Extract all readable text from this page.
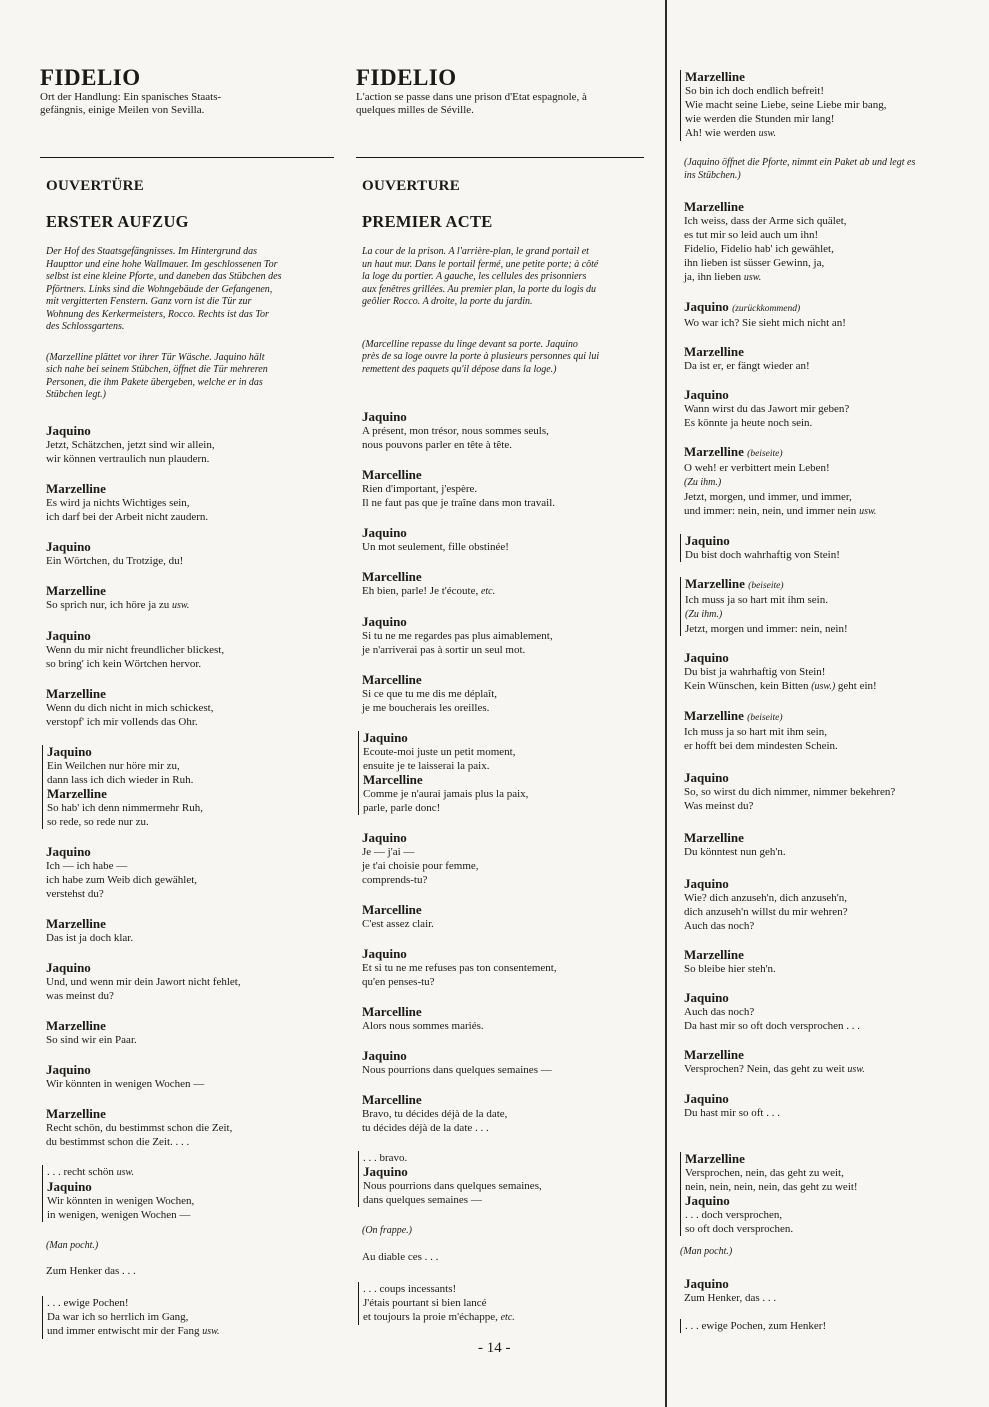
FIDELIO
Ort der Handlung: Ein spanisches Staats-
gefängnis, einige Meilen von Sevilla.
OUVERTÜRE
ERSTER AUFZUG
Der Hof des Staatsgefängnisses. Im Hintergrund das
Haupttor und eine hohe Wallmauer. Im geschlossenen Tor
selbst ist eine kleine Pforte, und daneben das Stübchen des
Pförtners. Links sind die Wohngebäude der Gefangenen,
mit vergitterten Fenstern. Ganz vorn ist die Tür zur
Wohnung des Kerkermeisters, Rocco. Rechts ist das Tor
des Schlossgartens.
(Marzelline plättet vor ihrer Tür Wäsche. Jaquino hält
sich nahe bei seinem Stübchen, öffnet die Tür mehreren
Personen, die ihm Pakete übergeben, welche er in das
Stübchen legt.)
Jaquino
Jetzt, Schätzchen, jetzt sind wir allein,
wir können vertraulich nun plaudern.
Marzelline
Es wird ja nichts Wichtiges sein,
ich darf bei der Arbeit nicht zaudern.
Jaquino
Ein Wörtchen, du Trotzige, du!
Marzelline
So sprich nur, ich höre ja zu usw.
Jaquino
Wenn du mir nicht freundlicher blickest,
so bring' ich kein Wörtchen hervor.
Marzelline
Wenn du dich nicht in mich schickest,
verstopf' ich mir vollends das Ohr.
Jaquino
Ein Weilchen nur höre mir zu,
dann lass ich dich wieder in Ruh.
Marzelline
So hab' ich denn nimmermehr Ruh,
so rede, so rede nur zu.
Jaquino
Ich — ich habe —
ich habe zum Weib dich gewählet,
verstehst du?
Marzelline
Das ist ja doch klar.
Jaquino
Und, und wenn mir dein Jawort nicht fehlet,
was meinst du?
Marzelline
So sind wir ein Paar.
Jaquino
Wir könnten in wenigen Wochen —
Marzelline
Recht schön, du bestimmst schon die Zeit,
du bestimmst schon die Zeit. . . .
. . . recht schön usw.
Jaquino
Wir könnten in wenigen Wochen,
in wenigen, wenigen Wochen —
(Man pocht.)
Zum Henker das . . .
. . . ewige Pochen!
Da war ich so herrlich im Gang,
und immer entwischt mir der Fang usw.
FIDELIO
L'action se passe dans une prison d'Etat espagnole, à
quelques milles de Séville.
OUVERTURE
PREMIER ACTE
La cour de la prison. A l'arrière-plan, le grand portail et
un haut mur. Dans le portail fermé, une petite porte; à côté
la loge du portier. A gauche, les cellules des prisonniers
aux fenêtres grillées. Au premier plan, la porte du logis du
geôlier Rocco. A droite, la porte du jardin.
(Marcelline repasse du linge devant sa porte. Jaquino
près de sa loge ouvre la porte à plusieurs personnes qui lui
remettent des paquets qu'il dépose dans la loge.)
Jaquino
A présent, mon trésor, nous sommes seuls,
nous pouvons parler en tête à tête.
Marcelline
Rien d'important, j'espère.
Il ne faut pas que je traîne dans mon travail.
Jaquino
Un mot seulement, fille obstinée!
Marcelline
Eh bien, parle! Je t'écoute, etc.
Jaquino
Si tu ne me regardes pas plus aimablement,
je n'arriverai pas à sortir un seul mot.
Marcelline
Si ce que tu me dis me déplaît,
je me boucherais les oreilles.
Jaquino
Ecoute-moi juste un petit moment,
ensuite je te laisserai la paix.
Marcelline
Comme je n'aurai jamais plus la paix,
parle, parle donc!
Jaquino
Je — j'ai —
je t'ai choisie pour femme,
comprends-tu?
Marcelline
C'est assez clair.
Jaquino
Et si tu ne me refuses pas ton consentement,
qu'en penses-tu?
Marcelline
Alors nous sommes mariés.
Jaquino
Nous pourrions dans quelques semaines —
Marcelline
Bravo, tu décides déjà de la date,
tu décides déjà de la date . . .
. . . bravo.
Jaquino
Nous pourrions dans quelques semaines,
dans quelques semaines —
(On frappe.)
Au diable ces . . .
. . . coups incessants!
J'étais pourtant si bien lancé
et toujours la proie m'échappe, etc.
Marzelline
So bin ich doch endlich befreit!
Wie macht seine Liebe, seine Liebe mir bang,
wie werden die Stunden mir lang!
Ah! wie werden usw.
(Jaquino öffnet die Pforte, nimmt ein Paket ab und legt es
ins Stübchen.)
Marzelline
Ich weiss, dass der Arme sich quälet,
es tut mir so leid auch um ihn!
Fidelio, Fidelio hab' ich gewählet,
ihn lieben ist süsser Gewinn, ja,
ja, ihn lieben usw.
Jaquino (zurückkommend)
Wo war ich? Sie sieht mich nicht an!
Marzelline
Da ist er, er fängt wieder an!
Jaquino
Wann wirst du das Jawort mir geben?
Es könnte ja heute noch sein.
Marzelline (beiseite)
O weh! er verbittert mein Leben!
(Zu ihm.)
Jetzt, morgen, und immer, und immer,
und immer: nein, nein, und immer nein usw.
Jaquino
Du bist doch wahrhaftig von Stein!
Marzelline (beiseite)
Ich muss ja so hart mit ihm sein.
(Zu ihm.)
Jetzt, morgen und immer: nein, nein!
Jaquino
Du bist ja wahrhaftig von Stein!
Kein Wünschen, kein Bitten (usw.) geht ein!
Marzelline (beiseite)
Ich muss ja so hart mit ihm sein,
er hofft bei dem mindesten Schein.
Jaquino
So, so wirst du dich nimmer, nimmer bekehren?
Was meinst du?
Marzelline
Du könntest nun geh'n.
Jaquino
Wie? dich anzuseh'n, dich anzuseh'n,
dich anzuseh'n willst du mir wehren?
Auch das noch?
Marzelline
So bleibe hier steh'n.
Jaquino
Auch das noch?
Da hast mir so oft doch versprochen . . .
Marzelline
Versprochen? Nein, das geht zu weit usw.
Jaquino
Du hast mir so oft . . .
Marzelline
Versprochen, nein, das geht zu weit,
nein, nein, nein, nein, das geht zu weit!
Jaquino
. . . doch versprochen,
so oft doch versprochen.
(Man pocht.)
Jaquino
Zum Henker, das . . .
. . . ewige Pochen, zum Henker!
- 14 -
